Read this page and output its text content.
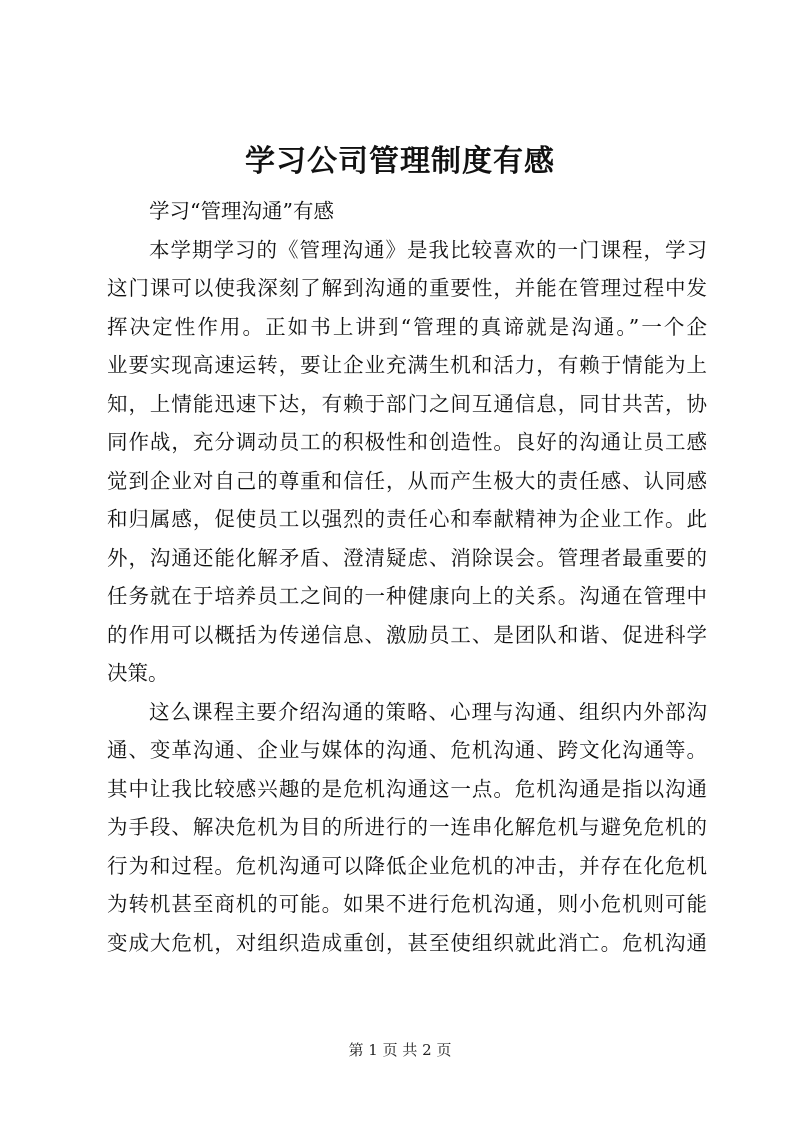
学习公司管理制度有感
学习“管理沟通”有感
本学期学习的《管理沟通》是我比较喜欢的一门课程，学习
这门课可以使我深刻了解到沟通的重要性，并能在管理过程中发
挥决定性作用。正如书上讲到“管理的真谛就是沟通。”一个企
业要实现高速运转，要让企业充满生机和活力，有赖于情能为上
知，上情能迅速下达，有赖于部门之间互通信息，同甘共苦，协
同作战，充分调动员工的积极性和创造性。良好的沟通让员工感
觉到企业对自己的尊重和信任，从而产生极大的责任感、认同感
和归属感，促使员工以强烈的责任心和奉献精神为企业工作。此
外，沟通还能化解矛盾、澄清疑虑、消除误会。管理者最重要的
任务就在于培养员工之间的一种健康向上的关系。沟通在管理中
的作用可以概括为传递信息、激励员工、是团队和谐、促进科学
决策。
这么课程主要介绍沟通的策略、心理与沟通、组织内外部沟
通、变革沟通、企业与媒体的沟通、危机沟通、跨文化沟通等。
其中让我比较感兴趣的是危机沟通这一点。危机沟通是指以沟通
为手段、解决危机为目的所进行的一连串化解危机与避免危机的
行为和过程。危机沟通可以降低企业危机的冲击，并存在化危机
为转机甚至商机的可能。如果不进行危机沟通，则小危机则可能
变成大危机，对组织造成重创，甚至使组织就此消亡。危机沟通
第 1 页 共 2 页
